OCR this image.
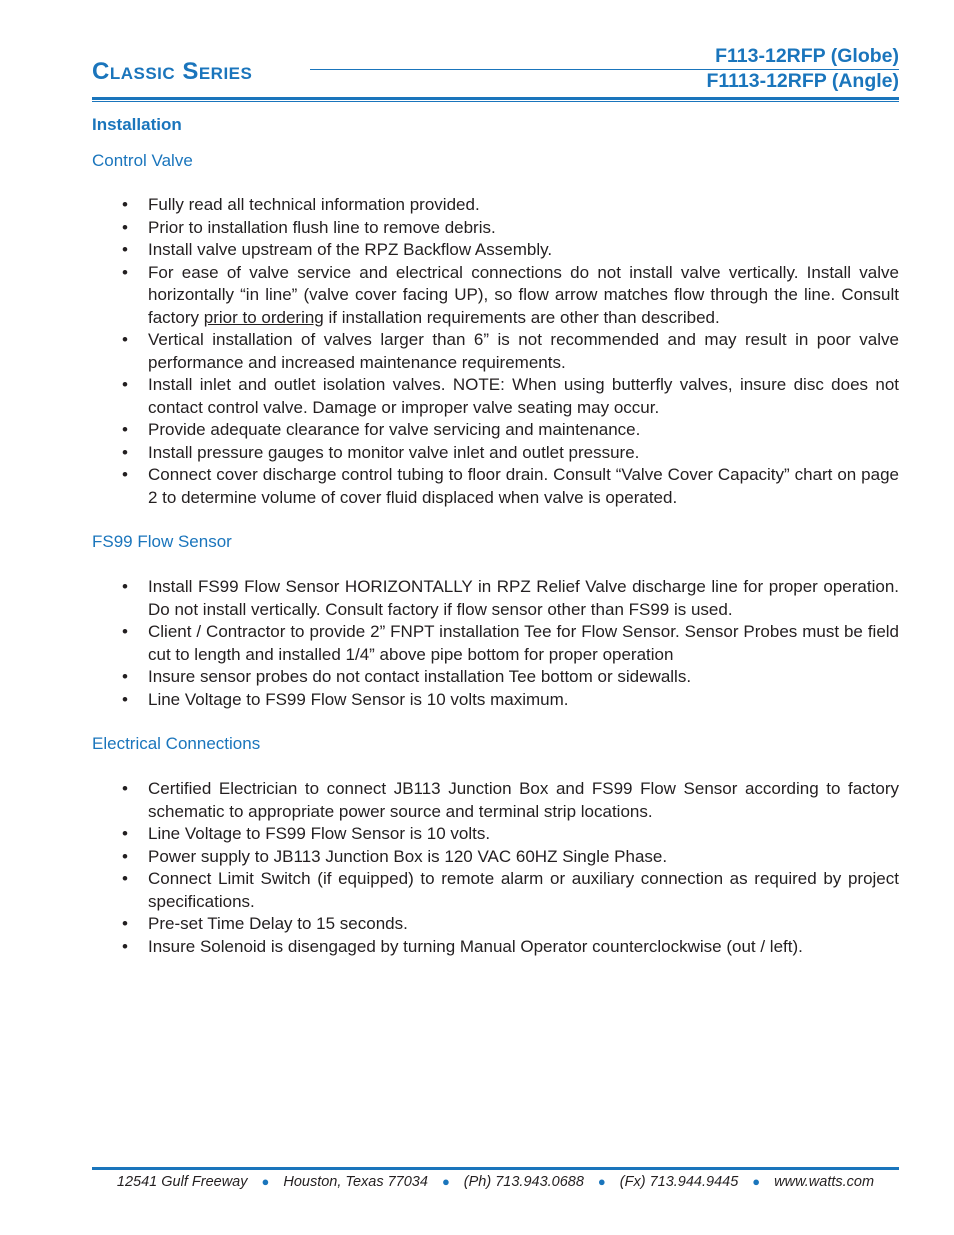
Classic Series
F113-12RFP (Globe)
F1113-12RFP (Angle)
Installation
Control Valve
• Fully read all technical information provided.
• Prior to installation flush line to remove debris.
• Install valve upstream of the RPZ Backflow Assembly.
• For ease of valve service and electrical connections do not install valve vertically. Install valve horizontally “in line” (valve cover facing UP), so flow arrow matches flow through the line. Consult factory prior to ordering if installation requirements are other than described.
• Vertical installation of valves larger than 6” is not recommended and may result in poor valve performance and increased maintenance requirements.
• Install inlet and outlet isolation valves. NOTE: When using butterfly valves, insure disc does not contact control valve. Damage or improper valve seating may occur.
• Provide adequate clearance for valve servicing and maintenance.
• Install pressure gauges to monitor valve inlet and outlet pressure.
• Connect cover discharge control tubing to floor drain. Consult “Valve Cover Capacity” chart on page 2 to determine volume of cover fluid displaced when valve is operated.
FS99 Flow Sensor
• Install FS99 Flow Sensor HORIZONTALLY in RPZ Relief Valve discharge line for proper operation. Do not install vertically. Consult factory if flow sensor other than FS99 is used.
• Client / Contractor to provide 2” FNPT installation Tee for Flow Sensor. Sensor Probes must be field cut to length and installed 1/4” above pipe bottom for proper operation
• Insure sensor probes do not contact installation Tee bottom or sidewalls.
• Line Voltage to FS99 Flow Sensor is 10 volts maximum.
Electrical Connections
• Certified Electrician to connect JB113 Junction Box and FS99 Flow Sensor according to factory schematic to appropriate power source and terminal strip locations.
• Line Voltage to FS99 Flow Sensor is 10 volts.
• Power supply to JB113 Junction Box is 120 VAC 60HZ Single Phase.
• Connect Limit Switch (if equipped) to remote alarm or auxiliary connection as required by project specifications.
• Pre-set Time Delay to 15 seconds.
• Insure Solenoid is disengaged by turning Manual Operator counterclockwise (out / left).
12541 Gulf Freeway ● Houston, Texas 77034 ● (Ph) 713.943.0688 ● (Fx) 713.944.9445 ● www.watts.com
